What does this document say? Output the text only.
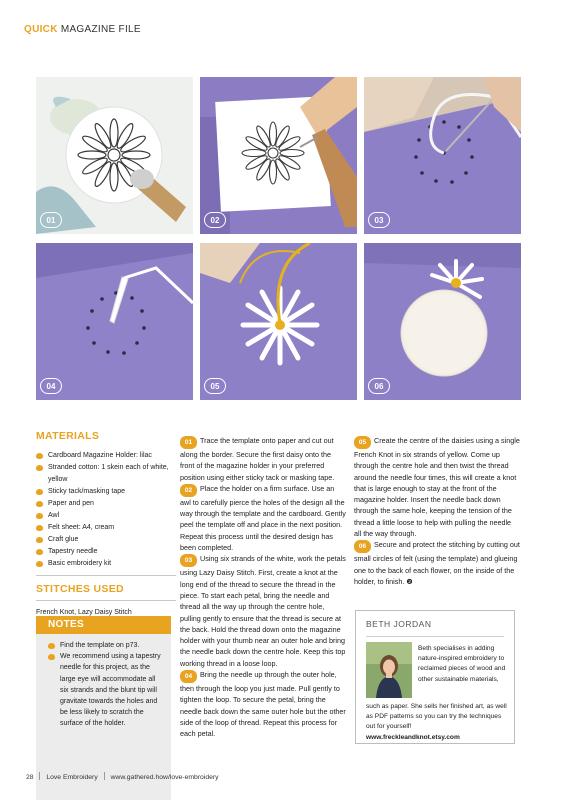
QUICK MAGAZINE FILE
01	02	03
04	05	06
MATERIALS
Cardboard Magazine Holder: lilac
Stranded cotton: 1 skein each of white, yellow
Sticky tack/masking tape
Paper and pen
Awl
Felt sheet: A4, cream
Craft glue
Tapestry needle
Basic embroidery kit
STITCHES USED

French Knot, Lazy Daisy Stitch

NOTES

Find the template on p73.

We recommend using a tapestry needle for this project, as the large eye will accommodate all six strands and the blunt tip will gravitate towards the holes and be less likely to scratch the surface of the holder.

01 Trace the template onto paper and cut out along the border. Secure the first daisy onto the front of the magazine holder in your preferred position using either sticky tack or masking tape.
02 Place the holder on a firm surface. Use an awl to carefully pierce the holes of the design all the way through the template and the cardboard. Gently peel the template off and place in the next position. Repeat this process until the desired design has been completed.
03 Using six strands of the white, work the petals using Lazy Daisy Stitch. First, create a knot at the long end of the thread to secure the thread in the piece. To start each petal, bring the needle and thread all the way up through the centre hole, pulling gently to ensure that the thread is secure at the back. Hold the thread down onto the magazine holder with your thumb near an outer hole and bring the needle back down the centre hole. Keep this top working thread in a loose loop.
04 Bring the needle up through the outer hole, then through the loop you just made. Pull gently to tighten the loop. To secure the petal, bring the needle back down the same outer hole but the other side of the loop of thread. Repeat this process for each petal.
05 Create the centre of the daisies using a single French Knot in six strands of yellow. Come up through the centre hole and then twist the thread around the needle four times, this will create a knot that is large enough to stay at the front of the magazine holder. Insert the needle back down through the same hole, keeping the tension of the thread a little loose to help with pulling the needle all the way through.
06 Secure and protect the stitching by cutting out small circles of felt (using the template) and glueing one to the back of each flower, on the inside of the holder, to finish. ❷
BETH JORDAN
Beth specialises in adding nature-inspired embroidery to reclaimed pieces of wood and other sustainable materials,
such as paper. She sells her finished art, as well as PDF patterns so you can try the techniques out for yourself!
www.freckleandknot.etsy.com
28 Love Embroidery www.gathered.how/love-embroidery	PassionForum.ru
